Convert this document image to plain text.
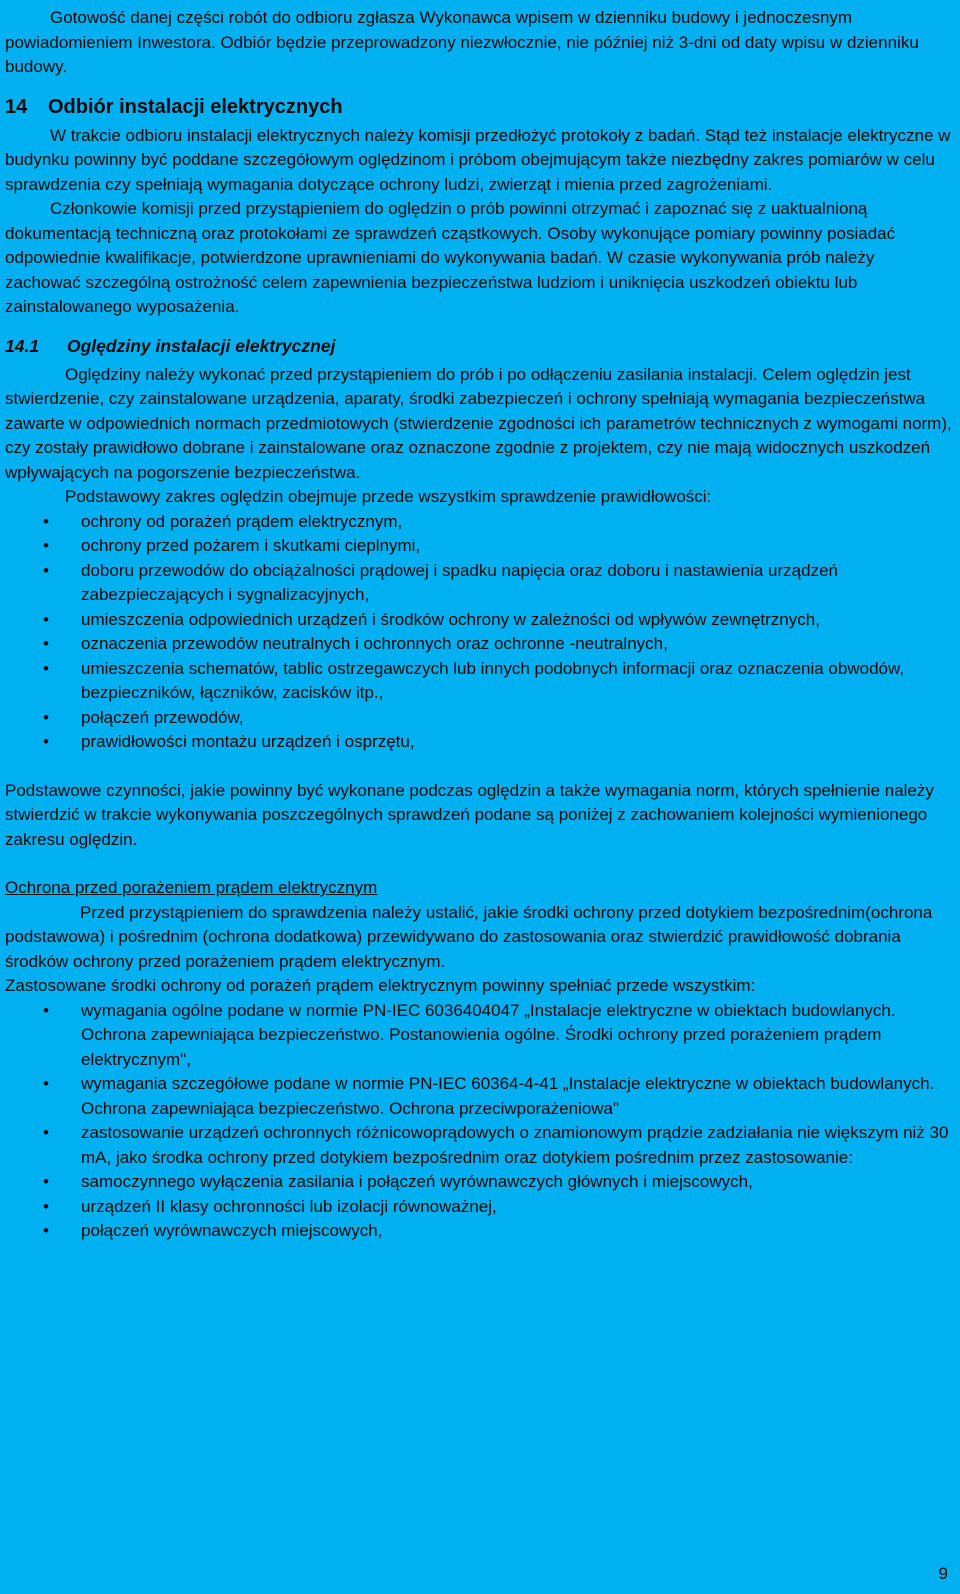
Gotowość danej części robót do odbioru zgłasza Wykonawca wpisem w dzienniku budowy i jednoczesnym powiadomieniem Inwestora. Odbiór będzie przeprowadzony niezwłocznie, nie później niż 3-dni od daty wpisu w dzienniku budowy.

14 Odbiór instalacji elektrycznych

W trakcie odbioru instalacji elektrycznych należy komisji przedłożyć protokoły z badań. Stąd też instalacje elektryczne w budynku powinny być poddane szczegółowym oględzinom i próbom obejmującym także niezbędny zakres pomiarów w celu sprawdzenia czy spełniają wymagania dotyczące ochrony ludzi, zwierząt i mienia przed zagrożeniami.

Członkowie komisji przed przystąpieniem do oględzin o prób powinni otrzymać i zapoznać się z uaktualnioną dokumentacją techniczną oraz protokołami ze sprawdzeń cząstkowych. Osoby wykonujące pomiary powinny posiadać odpowiednie kwalifikacje, potwierdzone uprawnieniami do wykonywania badań. W czasie wykonywania prób należy zachować szczególną ostrożność celem zapewnienia bezpieczeństwa ludziom i uniknięcia uszkodzeń obiektu lub zainstalowanego wyposażenia.

14.1 Oględziny instalacji elektrycznej

Oględziny należy wykonać przed przystąpieniem do prób i po odłączeniu zasilania instalacji. Celem oględzin jest stwierdzenie, czy zainstalowane urządzenia, aparaty, środki zabezpieczeń i ochrony spełniają wymagania bezpieczeństwa zawarte w odpowiednich normach przedmiotowych (stwierdzenie zgodności ich parametrów technicznych z wymogami norm), czy zostały prawidłowo dobrane i zainstalowane oraz oznaczone zgodnie z projektem, czy nie mają widocznych uszkodzeń wpływających na pogorszenie bezpieczeństwa.

Podstawowy zakres oględzin obejmuje przede wszystkim sprawdzenie prawidłowości:

• ochrony od porażeń prądem elektrycznym,
• ochrony przed pożarem i skutkami cieplnymi,
• doboru przewodów do obciążalności prądowej i spadku napięcia oraz doboru i nastawienia urządzeń zabezpieczających i sygnalizacyjnych,
• umieszczenia odpowiednich urządzeń i środków ochrony w zależności od wpływów zewnętrznych,
• oznaczenia przewodów neutralnych i ochronnych oraz ochronne -neutralnych,
• umieszczenia schematów, tablic ostrzegawczych lub innych podobnych informacji oraz oznaczenia obwodów, bezpieczników, łączników, zacisków itp.,
• połączeń przewodów,
• prawidłowości montażu urządzeń i osprzętu,

Podstawowe czynności, jakie powinny być wykonane podczas oględzin a także wymagania norm, których spełnienie należy stwierdzić w trakcie wykonywania poszczególnych sprawdzeń podane są poniżej z zachowaniem kolejności wymienionego zakresu oględzin.

Ochrona przed porażeniem prądem elektrycznym

Przed przystąpieniem do sprawdzenia należy ustalić, jakie środki ochrony przed dotykiem bezpośrednim(ochrona podstawowa) i pośrednim (ochrona dodatkowa) przewidywano do zastosowania oraz stwierdzić prawidłowość dobrania środków ochrony przed porażeniem prądem elektrycznym.

Zastosowane środki ochrony od porażeń prądem elektrycznym powinny spełniać przede wszystkim:

• wymagania ogólne podane w normie PN-IEC 6036404047 „Instalacje elektryczne w obiektach budowlanych. Ochrona zapewniająca bezpieczeństwo. Postanowienia ogólne. Środki ochrony przed porażeniem prądem elektrycznym",
• wymagania szczegółowe podane w normie PN-IEC 60364-4-41 „Instalacje elektryczne w obiektach budowlanych. Ochrona zapewniająca bezpieczeństwo. Ochrona przeciwporażeniowa"
• zastosowanie urządzeń ochronnych różnicowoprądowych o znamionowym prądzie zadziałania nie większym niż 30 mA, jako środka ochrony przed dotykiem bezpośrednim oraz dotykiem pośrednim przez zastosowanie:
• samoczynnego wyłączenia zasilania i połączeń wyrównawczych głównych i miejscowych,
• urządzeń II klasy ochronności lub izolacji równoważnej,
• połączeń wyrównawczych miejscowych,
9
